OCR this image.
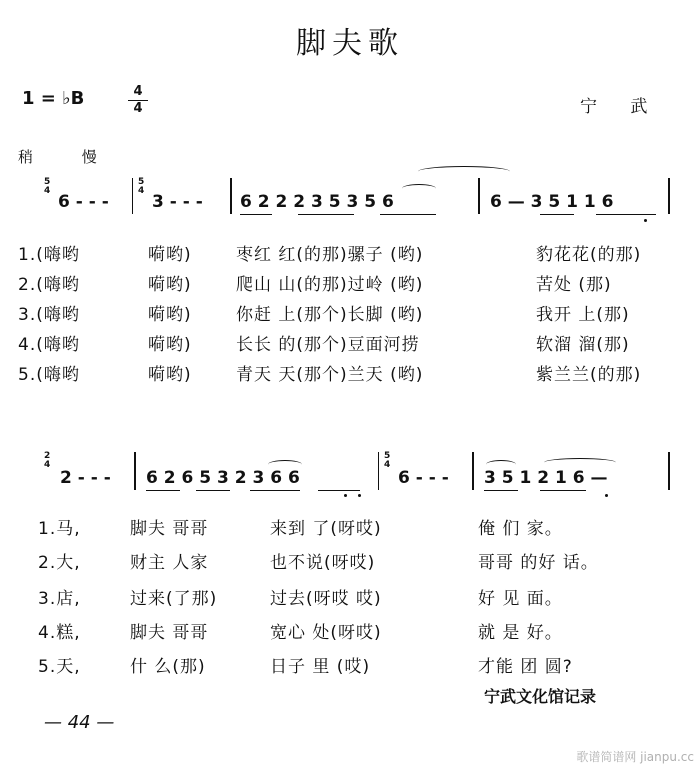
脚夫歌
1 = ♭B	4
4	宁 武
稍 慢
5
4
6 - - -
5
4
3 - - - 6 2 2 2 3 5 3 5 6	6 — 3 5 1 1 6
1.(嗨哟	嗬哟)	枣红 红(的那)骡子 (哟)	豹花花(的那)
2.(嗨哟	嗬哟)	爬山 山(的那)过岭 (哟)	苦处 (那)
3.(嗨哟	嗬哟)	你赶 上(那个)长脚 (哟)	我开 上(那)
4.(嗨哟	嗬哟)	长长 的(那个)豆面河捞	软溜 溜(那)
5.(嗨哟	嗬哟)	青天 天(那个)兰天 (哟)	紫兰兰(的那)
2
4
2 - - - 6 2 6 5 3 2 3 6 6
5
4
6 - - - 3 5 1 2 1 6 —
1.马,	脚夫 哥哥	来到 了(呀哎)	俺 们 家。
2.大,	财主 人家	也不说(呀哎)	哥哥 的好 话。
3.店,	过来(了那)	过去(呀哎 哎)	好 见 面。
4.糕,	脚夫 哥哥	宽心 处(呀哎)	就 是 好。
5.天,	什 么(那)	日子 里 (哎)	才能 团 圆?
宁武文化馆记录
— 44 —
歌谱简谱网 jianpu.cc
